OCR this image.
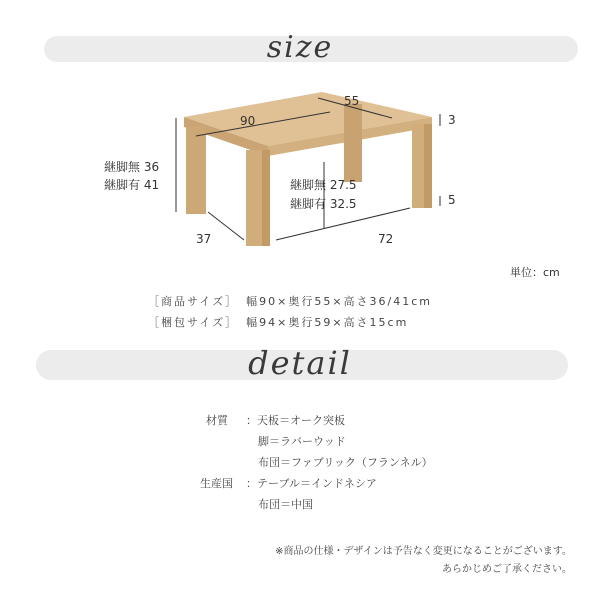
size
90
55
3
継脚無 36
継脚有 41	継脚無 27.5
継脚有 32.5	5
37	72
単位：cm
［商品サイズ］ 幅90×奥行55×高さ36/41cm
［梱包サイズ］ 幅94×奥行59×高さ15cm
detail
材質 ：天板＝オーク突板
脚＝ラバーウッド
布団＝ファブリック（フランネル）
生産国 ：テーブル＝インドネシア
布団＝中国
※商品の仕様・デザインは予告なく変更になることがございます。
あらかじめご了承ください。
